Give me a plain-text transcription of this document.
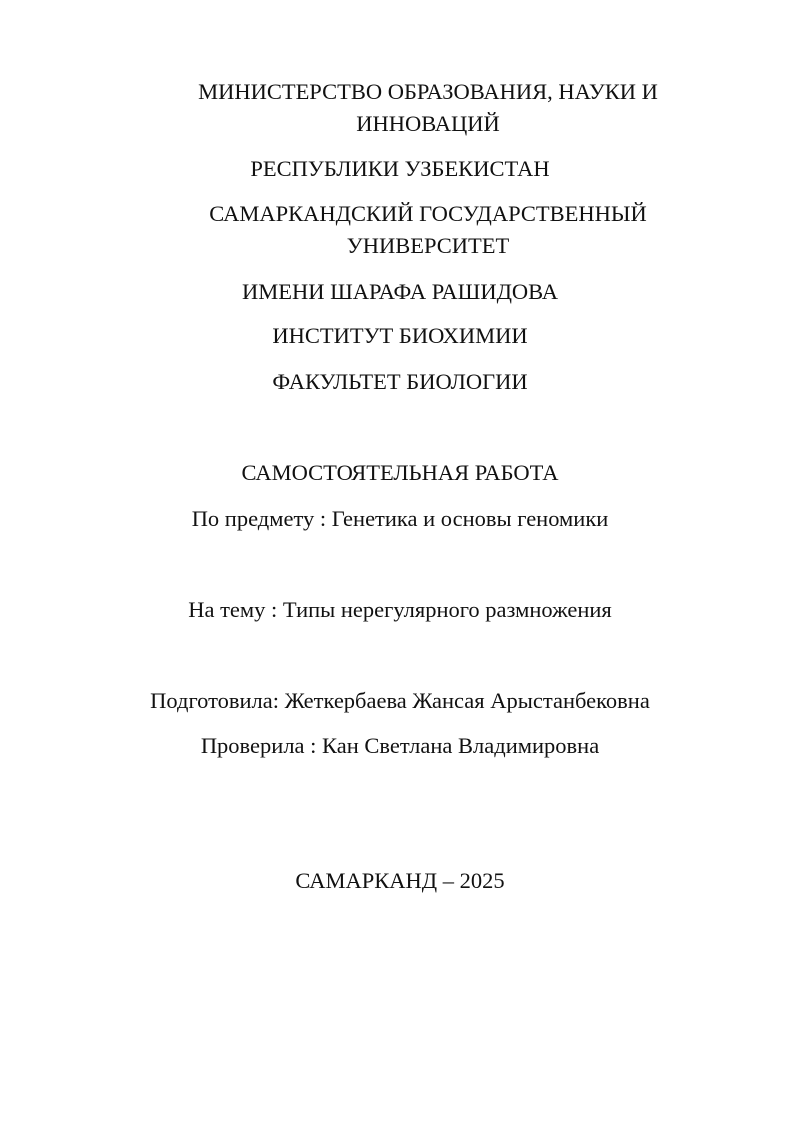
МИНИСТЕРСТВО ОБРАЗОВАНИЯ, НАУКИ И ИННОВАЦИЙ
РЕСПУБЛИКИ УЗБЕКИСТАН
САМАРКАНДСКИЙ ГОСУДАРСТВЕННЫЙ УНИВЕРСИТЕТ
ИМЕНИ ШАРАФА РАШИДОВА
ИНСТИТУТ БИОХИМИИ
ФАКУЛЬТЕТ БИОЛОГИИ
САМОСТОЯТЕЛЬНАЯ РАБОТА
По предмету : Генетика и основы геномики
На тему : Типы нерегулярного размножения
Подготовила: Жеткербаева Жансая Арыстанбековна
Проверила : Кан Светлана Владимировна
САМАРКАНД – 2025
